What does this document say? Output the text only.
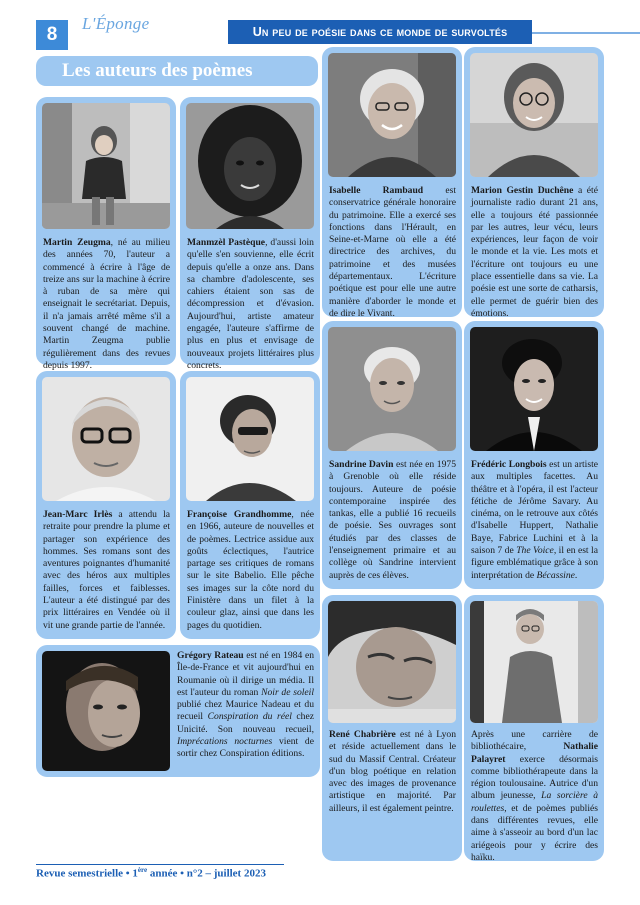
8
L'Éponge	Un peu de poésie dans ce monde de survoltés
Les auteurs des poèmes
Martin Zeugma, né au milieu des années 70, l'auteur a commencé à écrire à l'âge de treize ans sur la machine à écrire à ruban de sa mère qui enseignait le secrétariat. Depuis, il n'a jamais arrêté même s'il a souvent changé de machine. Martin Zeugma publie régulièrement dans des revues depuis 1997.
Manmzèl Pastèque, d'aussi loin qu'elle s'en souvienne, elle écrit depuis qu'elle a onze ans. Dans sa chambre d'adolescente, ses cahiers étaient son sas de décompression et d'évasion. Aujourd'hui, artiste amateur engagée, l'auteure s'affirme de plus en plus et envisage de nouveaux projets littéraires plus concrets.
Isabelle Rambaud est conservatrice générale honoraire du patrimoine. Elle a exercé ses fonctions dans l'Hérault, en Seine-et-Marne où elle a été directrice des archives, du patrimoine et des musées départementaux. L'écriture poétique est pour elle une autre manière d'aborder le monde et de dire le Vivant.
Marion Gestin Duchêne a été journaliste radio durant 21 ans, elle a toujours été passionnée par les autres, leur vécu, leurs expériences, leur façon de voir le monde et la vie. Les mots et l'écriture ont toujours eu une place essentielle dans sa vie. La poésie est une sorte de catharsis, elle permet de guérir bien des émotions.
Jean-Marc Irlès a attendu la retraite pour prendre la plume et partager son expérience des hommes. Ses romans sont des aventures poignantes d'humanité avec des héros aux multiples failles, forces et faiblesses. L'auteur a été distingué par des prix littéraires en Vendée où il vit une grande partie de l'année.
Françoise Grandhomme, née en 1966, auteure de nouvelles et de poèmes. Lectrice assidue aux goûts éclectiques, l'autrice partage ses critiques de romans sur le site Babelio. Elle pêche ses images sur la côte nord du Finistère dans un filet à la couleur glaz, ainsi que dans les pages du quotidien.
Sandrine Davin est née en 1975 à Grenoble où elle réside toujours. Auteure de poésie contemporaine inspirée des tankas, elle a publié 16 recueils de poésie. Ses ouvrages sont étudiés par des classes de l'enseignement primaire et au collège où Sandrine intervient auprès de ces élèves.
Frédéric Longbois est un artiste aux multiples facettes. Au théâtre et à l'opéra, il est l'acteur fétiche de Jérôme Savary. Au cinéma, on le retrouve aux côtés d'Isabelle Huppert, Nathalie Baye, Fabrice Luchini et à la saison 7 de The Voice, il en est la figure emblématique grâce à son interprétation de Bécassine.
Grégory Rateau est né en 1984 en Île-de-France et vit aujourd'hui en Roumanie où il dirige un média. Il est l'auteur du roman Noir de soleil publié chez Maurice Nadeau et du recueil Conspiration du réel chez Unicité. Son nouveau recueil, Imprécations nocturnes vient de sortir chez Conspiration éditions.
René Chabrière est né à Lyon et réside actuellement dans le sud du Massif Central. Créateur d'un blog poétique en relation avec des images de provenance artistique en majorité. Par ailleurs, il est également peintre.
Après une carrière de bibliothécaire, Nathalie Palayret exerce désormais comme bibliothérapeute dans la région toulousaine. Autrice d'un album jeunesse, La sorcière à roulettes, et de poèmes publiés dans différentes revues, elle aime à s'asseoir au bord d'un lac ariégeois pour y écrire des haïku.
Revue semestrielle • 1ère année • n°2 – juillet 2023
